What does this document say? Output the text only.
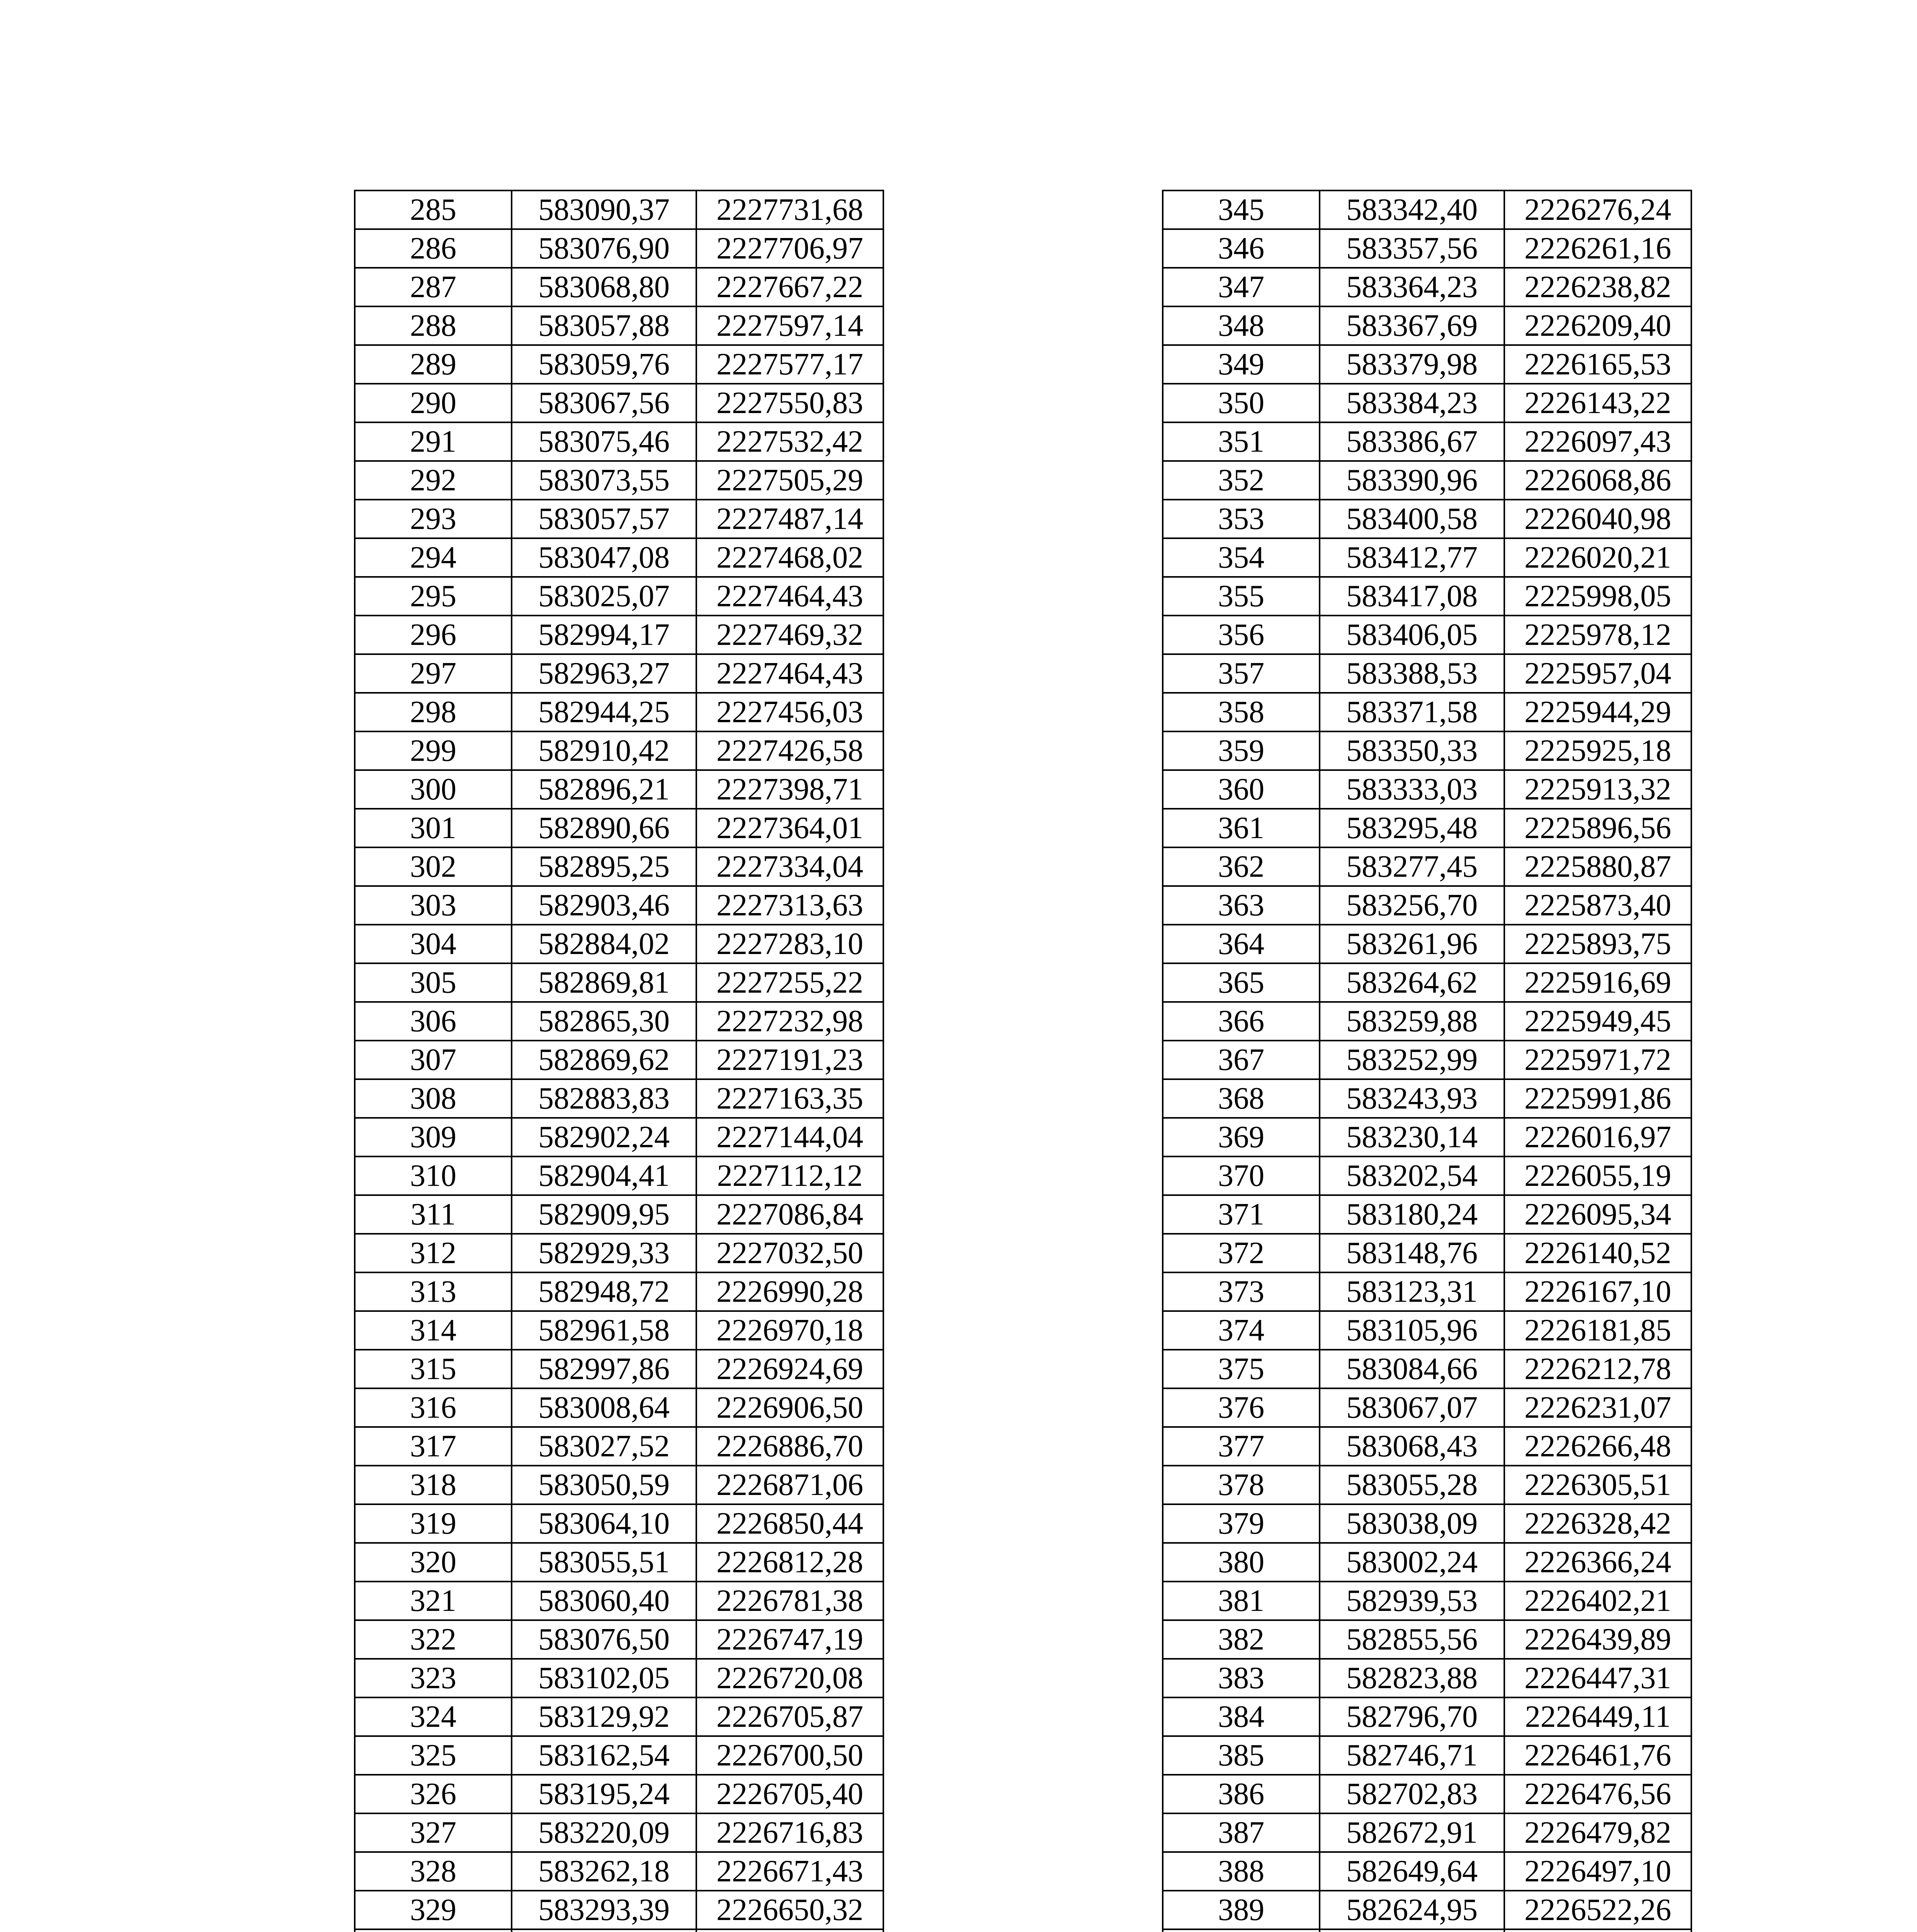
285	583090,37	2227731,68
286	583076,90	2227706,97
287	583068,80	2227667,22
288	583057,88	2227597,14
289	583059,76	2227577,17
290	583067,56	2227550,83
291	583075,46	2227532,42
292	583073,55	2227505,29
293	583057,57	2227487,14
294	583047,08	2227468,02
295	583025,07	2227464,43
296	582994,17	2227469,32
297	582963,27	2227464,43
298	582944,25	2227456,03
299	582910,42	2227426,58
300	582896,21	2227398,71
301	582890,66	2227364,01
302	582895,25	2227334,04
303	582903,46	2227313,63
304	582884,02	2227283,10
305	582869,81	2227255,22
306	582865,30	2227232,98
307	582869,62	2227191,23
308	582883,83	2227163,35
309	582902,24	2227144,04
310	582904,41	2227112,12
311	582909,95	2227086,84
312	582929,33	2227032,50
313	582948,72	2226990,28
314	582961,58	2226970,18
315	582997,86	2226924,69
316	583008,64	2226906,50
317	583027,52	2226886,70
318	583050,59	2226871,06
319	583064,10	2226850,44
320	583055,51	2226812,28
321	583060,40	2226781,38
322	583076,50	2226747,19
323	583102,05	2226720,08
324	583129,92	2226705,87
325	583162,54	2226700,50
326	583195,24	2226705,40
327	583220,09	2226716,83
328	583262,18	2226671,43
329	583293,39	2226650,32

345	583342,40	2226276,24
346	583357,56	2226261,16
347	583364,23	2226238,82
348	583367,69	2226209,40
349	583379,98	2226165,53
350	583384,23	2226143,22
351	583386,67	2226097,43
352	583390,96	2226068,86
353	583400,58	2226040,98
354	583412,77	2226020,21
355	583417,08	2225998,05
356	583406,05	2225978,12
357	583388,53	2225957,04
358	583371,58	2225944,29
359	583350,33	2225925,18
360	583333,03	2225913,32
361	583295,48	2225896,56
362	583277,45	2225880,87
363	583256,70	2225873,40
364	583261,96	2225893,75
365	583264,62	2225916,69
366	583259,88	2225949,45
367	583252,99	2225971,72
368	583243,93	2225991,86
369	583230,14	2226016,97
370	583202,54	2226055,19
371	583180,24	2226095,34
372	583148,76	2226140,52
373	583123,31	2226167,10
374	583105,96	2226181,85
375	583084,66	2226212,78
376	583067,07	2226231,07
377	583068,43	2226266,48
378	583055,28	2226305,51
379	583038,09	2226328,42
380	583002,24	2226366,24
381	582939,53	2226402,21
382	582855,56	2226439,89
383	582823,88	2226447,31
384	582796,70	2226449,11
385	582746,71	2226461,76
386	582702,83	2226476,56
387	582672,91	2226479,82
388	582649,64	2226497,10
389	582624,95	2226522,26
